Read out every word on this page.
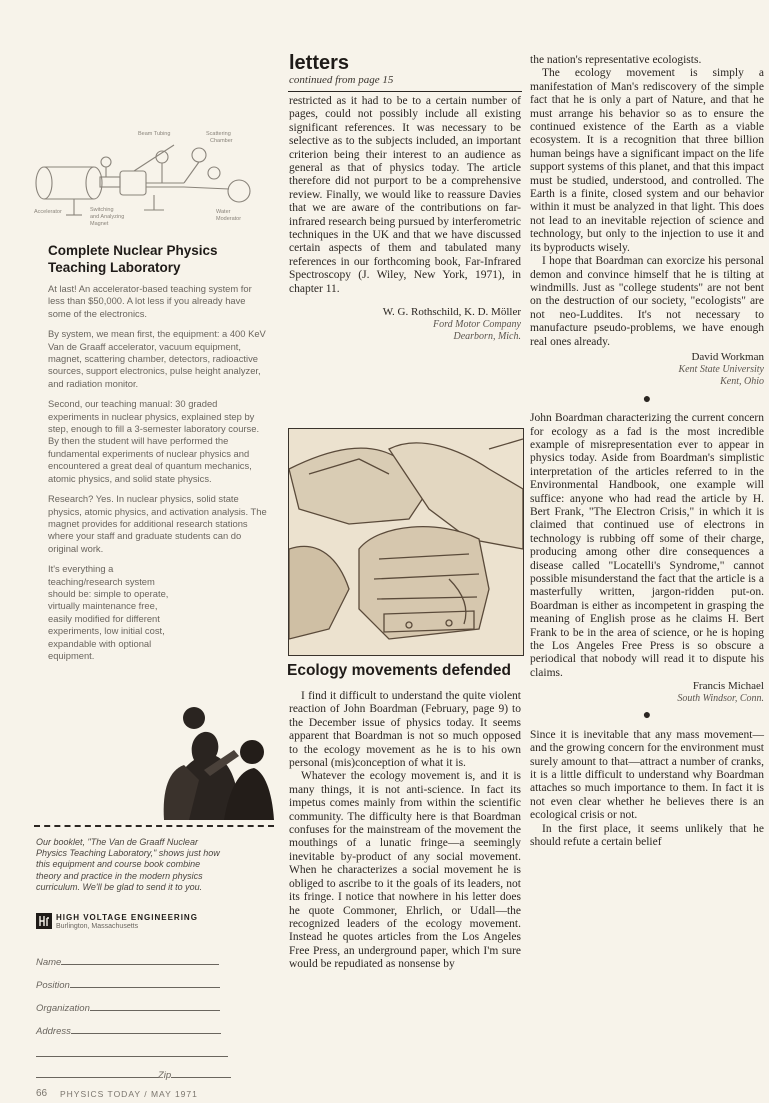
Beam Tubing	Scattering
Chamber
Accelerator	Switching
and Analyzing
Magnet
Water
Moderator
Complete Nuclear Physics Teaching Laboratory

At last! An accelerator-based teaching system for less than $50,000. A lot less if you already have some of the electronics.

By system, we mean first, the equipment: a 400 KeV Van de Graaff accelerator, vacuum equipment, magnet, scattering chamber, detectors, radioactive sources, support electronics, pulse height analyzer, and radiation monitor.

Second, our teaching manual: 30 graded experiments in nuclear physics, explained step by step, enough to fill a 3-semester laboratory course. By then the student will have performed the fundamental experiments of nuclear physics and encountered a great deal of quantum mechanics, atomic physics, and solid state physics.

Research? Yes. In nuclear physics, solid state physics, atomic physics, and activation analysis. The magnet provides for additional research stations where your staff and graduate students can do original work.

It's everything a teaching/research system should be: simple to operate, virtually maintenance free, easily modified for different experiments, low initial cost, expandable with optional equipment.

Our booklet, "The Van de Graaff Nuclear Physics Teaching Laboratory," shows just how this equipment and course book combine theory and practice in the modern physics curriculum. We'll be glad to send it to you.
HIGH VOLTAGE ENGINEERING
Burlington, Massachusetts
Name
Position
Organization
Address
Zip
66 PHYSICS TODAY / MAY 1971
letters
continued from page 15

restricted as it had to be to a certain number of pages, could not possibly include all existing significant references. It was necessary to be selective as to the subjects included, an important criterion being their interest to an audience as general as that of physics today. The article therefore did not purport to be a comprehensive review. Finally, we would like to reassure Davies that we are aware of the contributions on far-infrared research being pursued by interferometric techniques in the UK and that we have discussed certain aspects of them and tabulated many references in our forthcoming book, Far-Infrared Spectroscopy (J. Wiley, New York, 1971), in chapter 11.

W. G. Rothschild, K. D. Möller
Ford Motor Company
Dearborn, Mich.
Ecology movements defended

I find it difficult to understand the quite violent reaction of John Boardman (February, page 9) to the December issue of physics today. It seems apparent that Boardman is not so much opposed to the ecology movement as he is to his own personal (mis)conception of what it is.

Whatever the ecology movement is, and it is many things, it is not anti-science. In fact its impetus comes mainly from within the scientific community. The difficulty here is that Boardman confuses for the mainstream of the movement the mouthings of a lunatic fringe—a seemingly inevitable by-product of any social movement. When he characterizes a social movement he is obliged to ascribe to it the goals of its leaders, not its fringe. I notice that nowhere in his letter does he quote Commoner, Ehrlich, or Udall—the recognized leaders of the ecology movement. Instead he quotes articles from the Los Angeles Free Press, an underground paper, which I'm sure would be repudiated as nonsense by

the nation's representative ecologists.

The ecology movement is simply a manifestation of Man's rediscovery of the simple fact that he is only a part of Nature, and that he must arrange his behavior so as to ensure the continued existence of the Earth as a viable ecosystem. It is a recognition that three billion human beings have a significant impact on the life support systems of this planet, and that this impact must be studied, understood, and controlled. The Earth is a finite, closed system and our behavior within it must be analyzed in that light. This does not lead to an inevitable rejection of science and technology, but only to the injection to use it and its byproducts wisely.

I hope that Boardman can exorcize his personal demon and convince himself that he is tilting at windmills. Just as "college students" are not bent on the destruction of our society, "ecologists" are not neo-Luddites. It's not necessary to manufacture pseudo-problems, we have enough real ones already.

David Workman
Kent State University
Kent, Ohio
●

John Boardman characterizing the current concern for ecology as a fad is the most incredible example of misrepresentation ever to appear in physics today. Aside from Boardman's simplistic interpretation of the articles referred to in the Environmental Handbook, one example will suffice: anyone who had read the article by H. Bert Frank, "The Electron Crisis," in which it is claimed that continued use of electrons in technology is rubbing off some of their charge, producing among other dire consequences a disease called "Locatelli's Syndrome," cannot possible misunderstand the fact that the article is a masterfully written, jargon-ridden put-on. Boardman is either as incompetent in grasping the meaning of English prose as he claims H. Bert Frank to be in the area of science, or he is hoping the Los Angeles Free Press is so obscure a periodical that nobody will read it to dispute his claims.

Francis Michael
South Windsor, Conn.
●

Since it is inevitable that any mass movement—and the growing concern for the environment must surely amount to that—attract a number of cranks, it is a little difficult to understand why Boardman attaches so much importance to them. In fact it is not even clear whether he believes there is an ecological crisis or not.

In the first place, it seems unlikely that he should refute a certain belief
